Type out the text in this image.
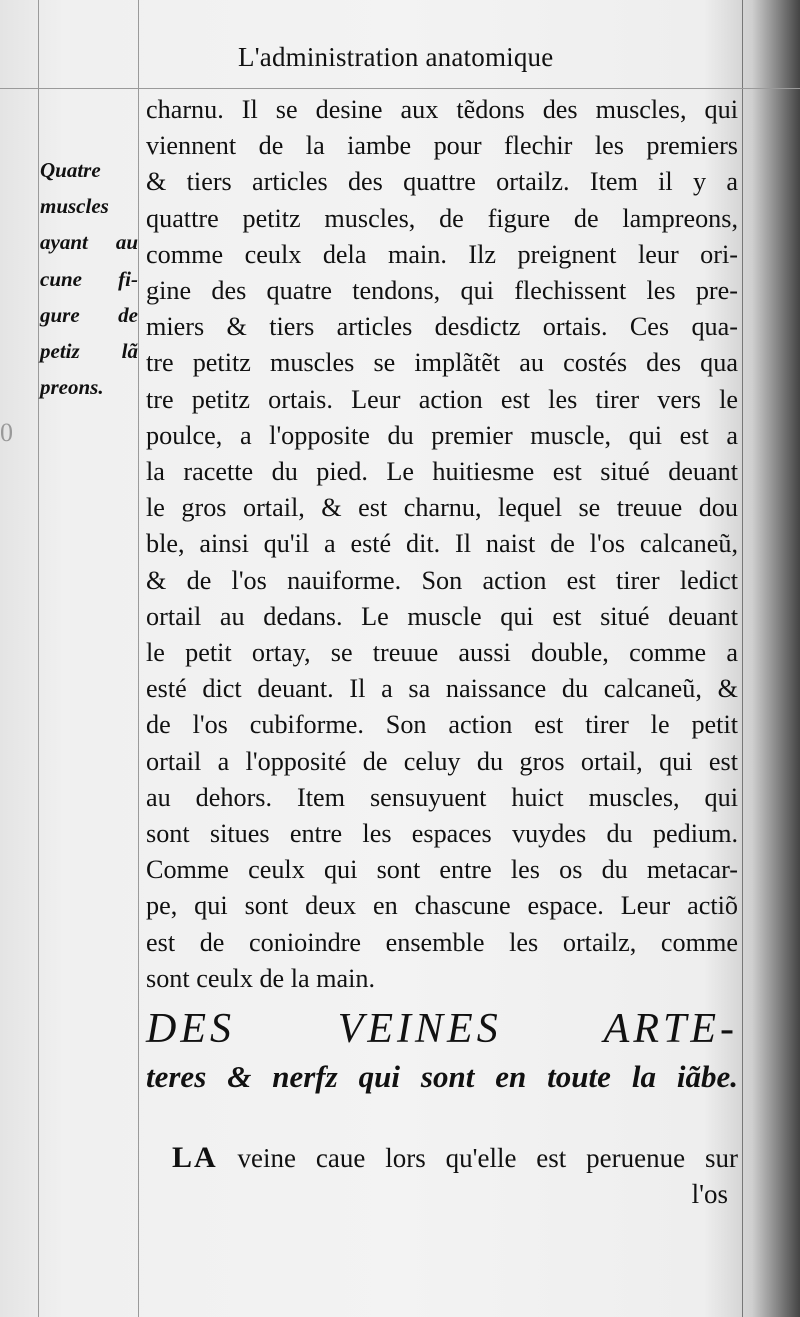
0
L'administration anatomique
Quatre
muscles
ayant au
cune fi-
gure de
petiz lã
preons.
charnu. Il se desine aux tẽdons des muscles, qui
viennent de la iambe pour flechir les premiers
& tiers articles des quattre ortailz. Item il y a
quattre petitz muscles, de figure de lampreons,
comme ceulx dela main. Ilz preignent leur ori-
gine des quatre tendons, qui flechissent les pre-
miers & tiers articles desdictz ortais. Ces qua-
tre petitz muscles se implãtẽt au costés des qua
tre petitz ortais. Leur action est les tirer vers le
poulce, a l'opposite du premier muscle, qui est a
la racette du pied. Le huitiesme est situé deuant
le gros ortail, & est charnu, lequel se treuue dou
ble, ainsi qu'il a esté dit. Il naist de l'os calcaneũ,
& de l'os nauiforme. Son action est tirer ledict
ortail au dedans. Le muscle qui est situé deuant
le petit ortay, se treuue aussi double, comme a
esté dict deuant. Il a sa naissance du calcaneũ, &
de l'os cubiforme. Son action est tirer le petit
ortail a l'opposité de celuy du gros ortail, qui est
au dehors. Item sensuyuent huict muscles, qui
sont situes entre les espaces vuydes du pedium.
Comme ceulx qui sont entre les os du metacar-
pe, qui sont deux en chascune espace. Leur actiõ
est de conioindre ensemble les ortailz, comme
sont ceulx de la main.
DES VEINES ARTE-
teres & nerfz qui sont en toute la iãbe.
LA veine caue lors qu'elle est peruenue sur
l'os
